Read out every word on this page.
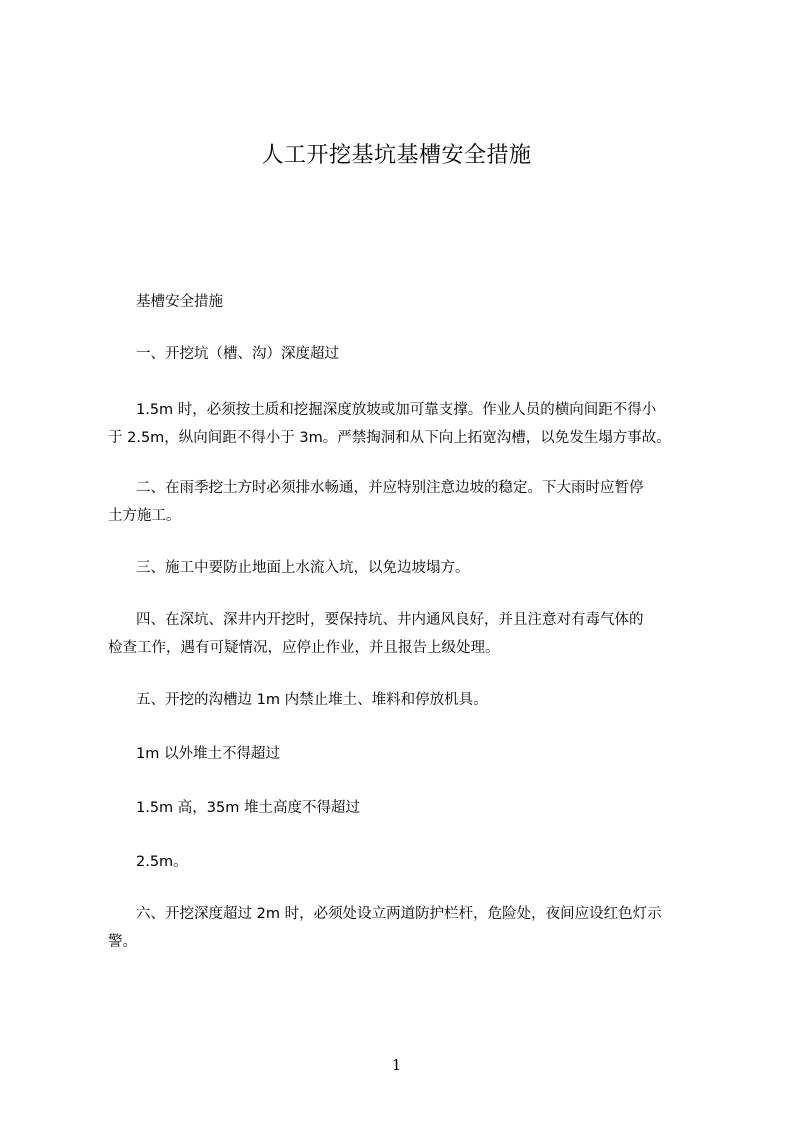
人工开挖基坑基槽安全措施
基槽安全措施
一、开挖坑（槽、沟）深度超过
1.5m 时，必须按土质和挖掘深度放坡或加可靠支撑。作业人员的横向间距不得小
于 2.5m，纵向间距不得小于 3m。严禁掏洞和从下向上拓宽沟槽，以免发生塌方事故。
二、在雨季挖土方时必须排水畅通，并应特别注意边坡的稳定。下大雨时应暂停
土方施工。
三、施工中要防止地面上水流入坑，以免边坡塌方。
四、在深坑、深井内开挖时，要保持坑、井内通风良好，并且注意对有毒气体的
检查工作，遇有可疑情况，应停止作业，并且报告上级处理。
五、开挖的沟槽边 1m 内禁止堆土、堆料和停放机具。
1m 以外堆土不得超过
1.5m 高，35m 堆土高度不得超过
2.5m。
六、开挖深度超过 2m 时，必须处设立两道防护栏杆，危险处，夜间应设红色灯示
警。
1
